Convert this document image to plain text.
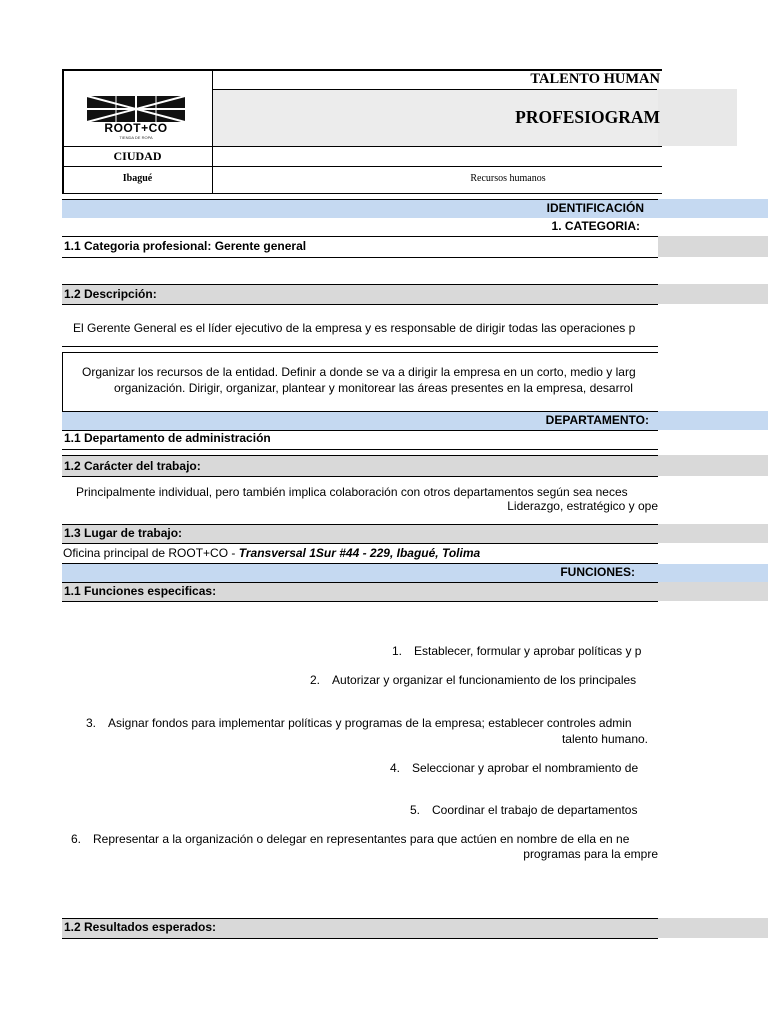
TALENTO HUMAN
PROFESIOGRAM
ROOT+CO
TIENDA DE ROPA
CIUDAD
Ibagué	Recursos humanos
IDENTIFICACIÓN
1. CATEGORIA:
1.1 Categoria profesional: Gerente general
1.2 Descripción:
El Gerente General es el líder ejecutivo de la empresa y es responsable de dirigir todas las operaciones p
Organizar los recursos de la entidad. Definir a donde se va a dirigir la empresa en un corto, medio y larg
organización. Dirigir, organizar, plantear y monitorear las áreas presentes en la empresa, desarrol
DEPARTAMENTO:
1.1 Departamento de administración
1.2 Carácter del trabajo:
Principalmente individual, pero también implica colaboración con otros departamentos según sea neces
Liderazgo, estratégico y ope
1.3 Lugar de trabajo:
Oficina principal de ROOT+CO - Transversal 1Sur #44 - 229, Ibagué, Tolima
FUNCIONES:
1.1 Funciones especificas:
1. Establecer, formular y aprobar políticas y p
2. Autorizar y organizar el funcionamiento de los principales
3. Asignar fondos para implementar políticas y programas de la empresa; establecer controles admin
talento humano.
4. Seleccionar y aprobar el nombramiento de
5. Coordinar el trabajo de departamentos
6. Representar a la organización o delegar en representantes para que actúen en nombre de ella en ne
programas para la empre
1.2 Resultados esperados:
